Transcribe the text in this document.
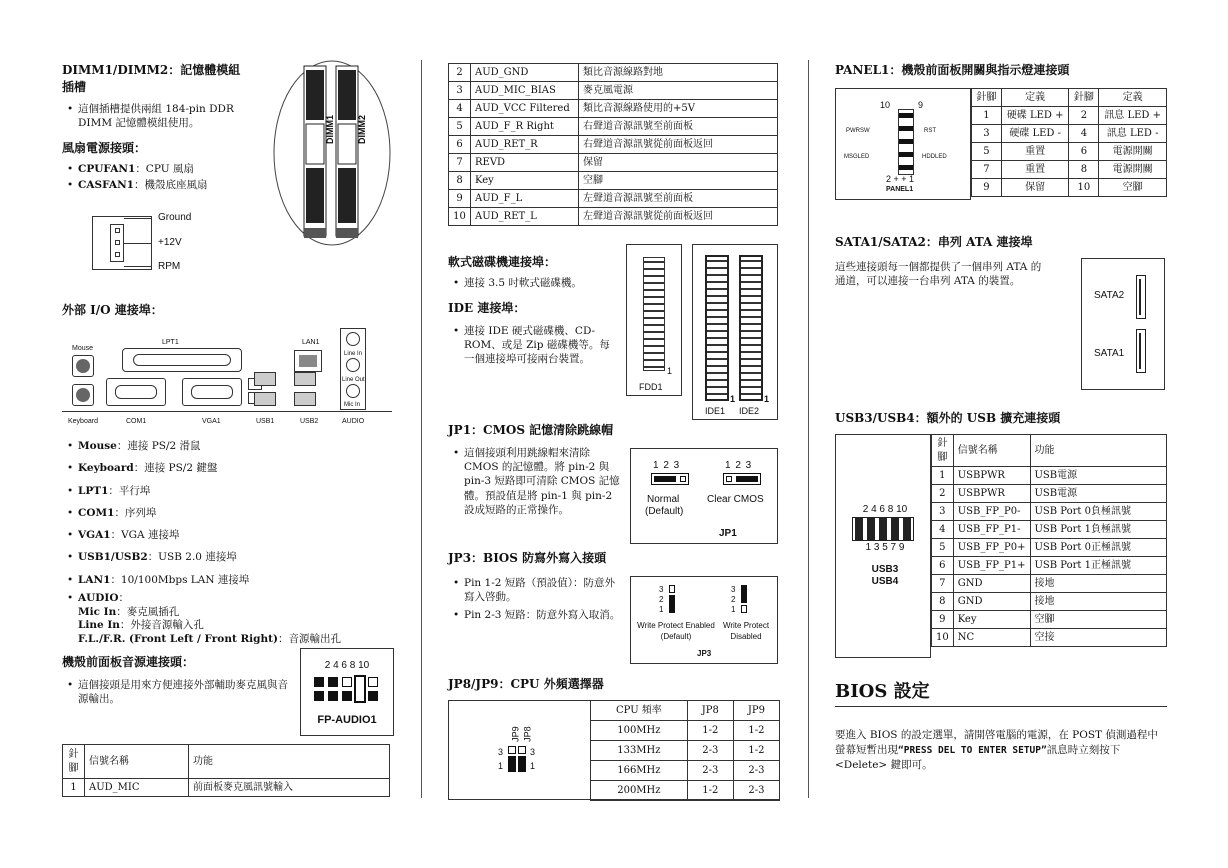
DIMM1/DIMM2：記憶體模組插槽
• 這個插槽提供兩組 184-pin DDR DIMM 記憶體模組使用。	DIMM1 DIMM2
風扇電源接頭：
• CPUFAN1：CPU 風扇
• CASFAN1：機殼底座風扇
Ground
+12V
RPM
外部 I/O 連接埠：
Mouse
LPT1	LAN1
Line In
Line Out
Mic In
Keyboard	COM1	VGA1	USB1	USB2	AUDIO
• Mouse：連接 PS/2 滑鼠
• Keyboard：連接 PS/2 鍵盤
• LPT1：平行埠
• COM1：序列埠
• VGA1：VGA 連接埠
• USB1/USB2：USB 2.0 連接埠
• LAN1：10/100Mbps LAN 連接埠
• AUDIO：
Mic In：麥克風插孔
Line In：外接音源輸入孔
F.L./F.R. (Front Left / Front Right)：音源輸出孔
機殼前面板音源連接頭：
• 這個接頭是用來方便連接外部輔助麥克風與音源輸出。
2 4 6 8 10
FP-AUDIO1
針腳	信號名稱	功能
1	AUD_MIC	前面板麥克風訊號輸入
2	AUD_GND	類比音源線路對地
3	AUD_MIC_BIAS	麥克風電源
4	AUD_VCC Filtered	類比音源線路使用的+5V
5	AUD_F_R Right	右聲道音源訊號至前面板
6	AUD_RET_R	右聲道音源訊號從前面板返回
7	REVD	保留
8	Key	空腳
9	AUD_F_L	左聲道音源訊號至前面板
10	AUD_RET_L	左聲道音源訊號從前面板返回
軟式磁碟機連接埠：
• 連接 3.5 吋軟式磁碟機。
IDE 連接埠：
• 連接 IDE 硬式磁碟機、CD-ROM、或是 Zip 磁碟機等。每一個連接埠可接兩台裝置。
1
FDD1
1	1
IDE1 IDE2
JP1：CMOS 記憶清除跳線帽
• 這個接頭利用跳線帽來清除 CMOS 的記憶體。將 pin-2 與 pin-3 短路即可清除 CMOS 記憶體。預設值是將 pin-1 與 pin-2 設成短路的正常操作。
1 2 3	1 2 3
Normal
(Default)
Clear CMOS
JP1
JP3：BIOS 防寫外寫入接頭
• Pin 1-2 短路（預設值）：防意外寫入啓動。
• Pin 2-3 短路：防意外寫入取消。
3
2
1
3
2
1
Write Protect Enabled (Default)
Write Protect Disabled
JP3
JP8/JP9：CPU 外頻選擇器
JP9 JP8
3
1
3
1
CPU 頻率	JP8	JP9
100MHz	1-2	1-2
133MHz	2-3	1-2
166MHz	2-3	2-3
200MHz	1-2	2-3
PANEL1：機殼前面板開關與指示燈連接頭
10	9
PWRSW	RST
MSGLED	HDDLED
2 + + 1
PANEL1
針腳	定義	針腳	定義
1	硬碟 LED +	2	訊息 LED +
3	硬碟 LED -	4	訊息 LED -
5	重置	6	電源開關
7	重置	8	電源開關
9	保留	10	空腳
SATA1/SATA2：串列 ATA 連接埠

這些連接頭每一個都提供了一個串列 ATA 的通道，可以連接一台串列 ATA 的裝置。

SATA2
SATA1
USB3/USB4：額外的 USB 擴充連接頭
2 4 6 8 10
1 3 5 7 9
USB3
USB4
針腳	信號名稱	功能
1	USBPWR	USB電源
2	USBPWR	USB電源
3	USB_FP_P0-	USB Port 0負極訊號
4	USB_FP_P1-	USB Port 1負極訊號
5	USB_FP_P0+	USB Port 0正極訊號
6	USB_FP_P1+	USB Port 1正極訊號
7	GND	接地
8	GND	接地
9	Key	空腳
10	NC	空接
BIOS 設定

要進入 BIOS 的設定選單，請開啓電腦的電源，在 POST 偵測過程中螢幕短暫出現“PRESS DEL TO ENTER SETUP”訊息時立刻按下 <Delete> 鍵即可。
